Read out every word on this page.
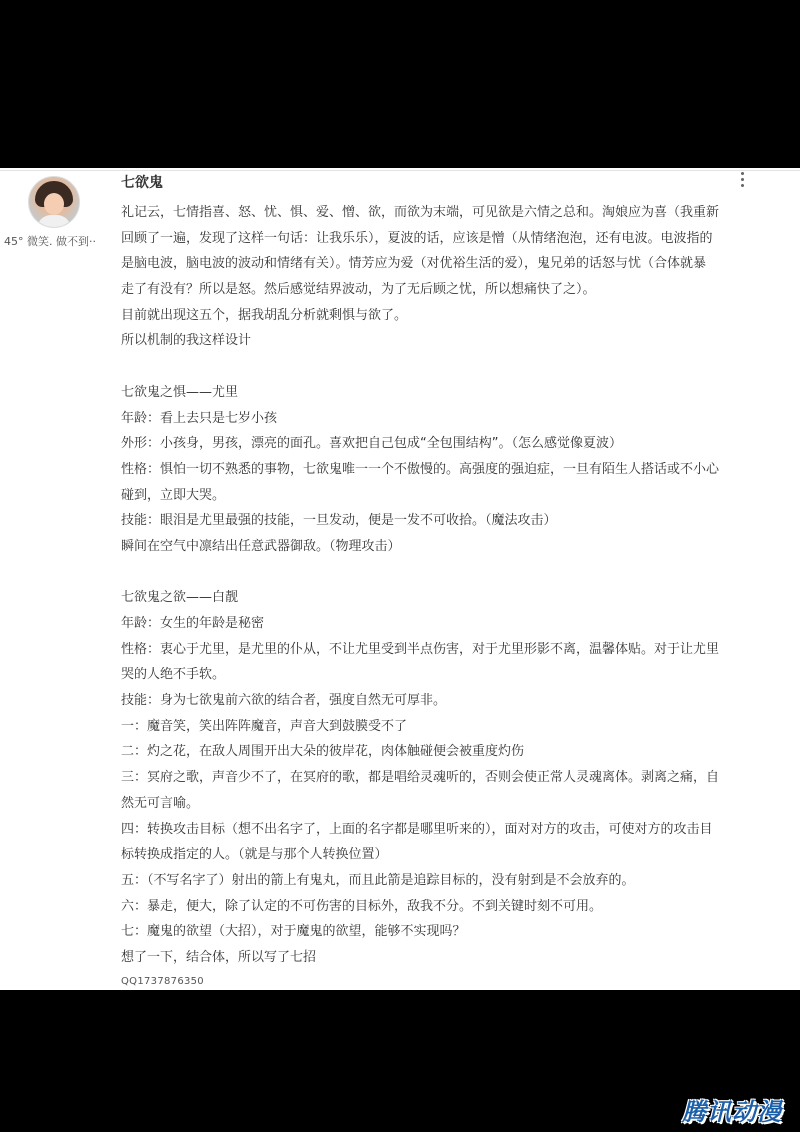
45° 微笑. 做不到··
七欲鬼
礼记云，七情指喜、怒、忧、惧、爱、憎、欲，而欲为末端，可见欲是六情之总和。淘娘应为喜（我重新
回顾了一遍，发现了这样一句话：让我乐乐），夏波的话，应该是憎（从情绪泡泡，还有电波。电波指的
是脑电波，脑电波的波动和情绪有关）。情芳应为爱（对优裕生活的爱），鬼兄弟的话怒与忧（合体就暴
走了有没有？所以是怒。然后感觉结界波动，为了无后顾之忧，所以想痛快了之）。
目前就出现这五个，据我胡乱分析就剩惧与欲了。
所以机制的我这样设计
七欲鬼之惧——尤里
年龄：看上去只是七岁小孩
外形：小孩身，男孩，漂亮的面孔。喜欢把自己包成“全包围结构”。（怎么感觉像夏波）
性格：惧怕一切不熟悉的事物，七欲鬼唯一一个不傲慢的。高强度的强迫症，一旦有陌生人搭话或不小心
碰到，立即大哭。
技能：眼泪是尤里最强的技能，一旦发动，便是一发不可收拾。（魔法攻击）
瞬间在空气中凛结出任意武器御敌。（物理攻击）
七欲鬼之欲——白靓
年龄：女生的年龄是秘密
性格：衷心于尤里，是尤里的仆从，不让尤里受到半点伤害，对于尤里形影不离，温馨体贴。对于让尤里
哭的人绝不手软。
技能：身为七欲鬼前六欲的结合者，强度自然无可厚非。
一：魔音笑，笑出阵阵魔音，声音大到鼓膜受不了
二：灼之花，在敌人周围开出大朵的彼岸花，肉体触碰便会被重度灼伤
三：冥府之歌，声音少不了，在冥府的歌，都是唱给灵魂听的，否则会使正常人灵魂离体。剥离之痛，自
然无可言喻。
四：转换攻击目标（想不出名字了，上面的名字都是哪里听来的），面对对方的攻击，可使对方的攻击目
标转换成指定的人。（就是与那个人转换位置）
五：（不写名字了）射出的箭上有鬼丸，而且此箭是追踪目标的，没有射到是不会放弃的。
六：暴走，便大，除了认定的不可伤害的目标外，敌我不分。不到关键时刻不可用。
七：魔鬼的欲望（大招），对于魔鬼的欲望，能够不实现吗？
想了一下，结合体，所以写了七招
QQ1737876350
腾讯动漫
